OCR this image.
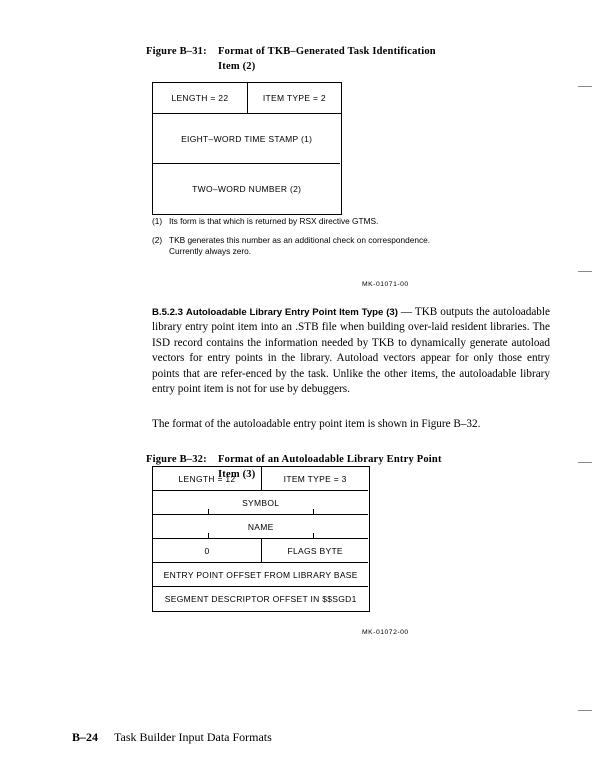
Figure B–31: Format of TKB–Generated Task Identification
Item (2)
LENGTH = 22	ITEM TYPE = 2
EIGHT–WORD TIME STAMP (1)
TWO–WORD NUMBER (2)
(1) Its form is that which is returned by RSX directive GTMS.
(2) TKB generates this number as an additional check on correspondence. Currently always zero.
MK-01071-00
B.5.2.3 Autoloadable Library Entry Point Item Type (3) — TKB outputs the autoloadable library entry point item into an .STB file when building over-laid resident libraries. The ISD record contains the information needed by TKB to dynamically generate autoload vectors for entry points in the library. Autoload vectors appear for only those entry points that are refer-enced by the task. Unlike the other items, the autoloadable library entry point item is not for use by debuggers.
The format of the autoloadable entry point item is shown in Figure B–32.
Figure B–32: Format of an Autoloadable Library Entry Point
Item (3)
LENGTH = 12	ITEM TYPE = 3
SYMBOL
NAME
0	FLAGS BYTE
ENTRY POINT OFFSET FROM LIBRARY BASE
SEGMENT DESCRIPTOR OFFSET IN $$SGD1
MK-01072-00
B–24 Task Builder Input Data Formats
